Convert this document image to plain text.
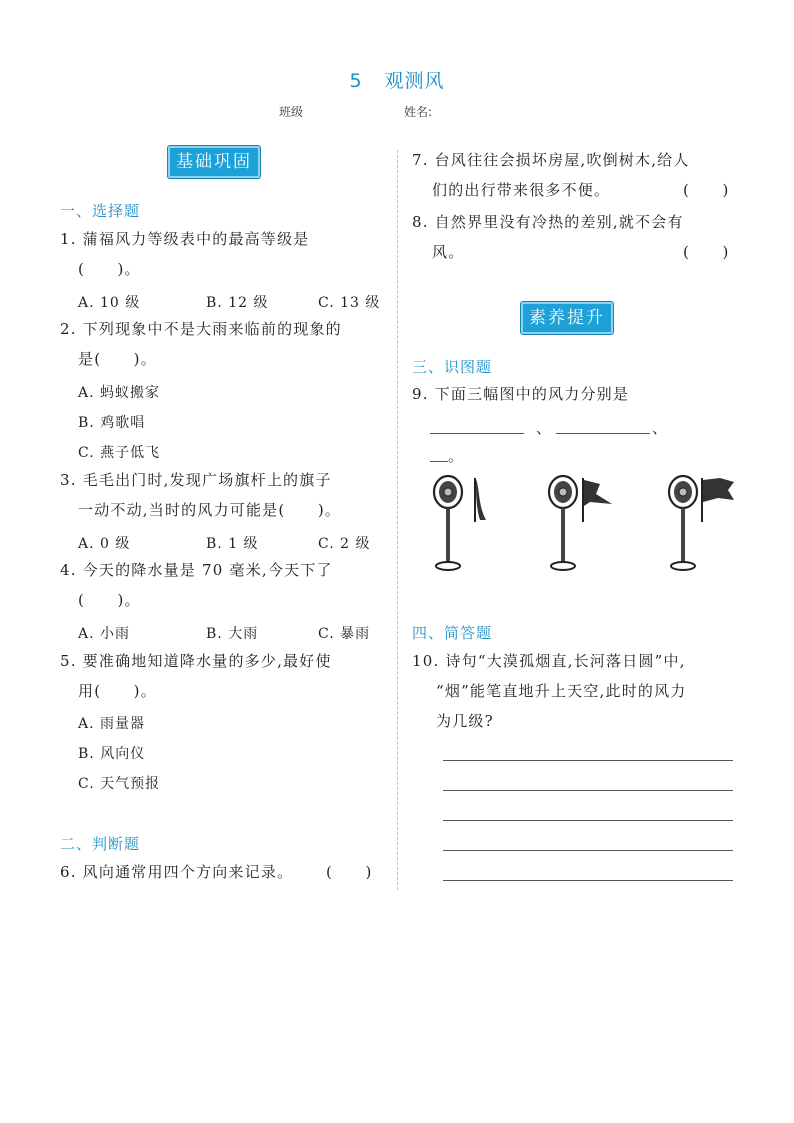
5 观测风
班级	姓名:
基础巩固
一、选择题
1. 蒲福风力等级表中的最高等级是
(　　)。
A. 10 级	B. 12 级	C. 13 级
2. 下列现象中不是大雨来临前的现象的
是(　　)。
A. 蚂蚁搬家
B. 鸡歌唱
C. 燕子低飞
3. 毛毛出门时,发现广场旗杆上的旗子
一动不动,当时的风力可能是(　　)。
A. 0 级	B. 1 级	C. 2 级
4. 今天的降水量是 70 毫米,今天下了
(　　)。
A. 小雨	B. 大雨	C. 暴雨
5. 要准确地知道降水量的多少,最好使
用(　　)。
A. 雨量器
B. 风向仪
C. 天气预报
二、判断题
6. 风向通常用四个方向来记录。 (　　)
7. 台风往往会损坏房屋,吹倒树木,给人
们的出行带来很多不便。	(　　)
8. 自然界里没有冷热的差别,就不会有
风。	(　　)
素养提升
三、识图题
9. 下面三幅图中的风力分别是
、	、
。
四、简答题
10. 诗句“大漠孤烟直,长河落日圆”中,
“烟”能笔直地升上天空,此时的风力
为几级?
